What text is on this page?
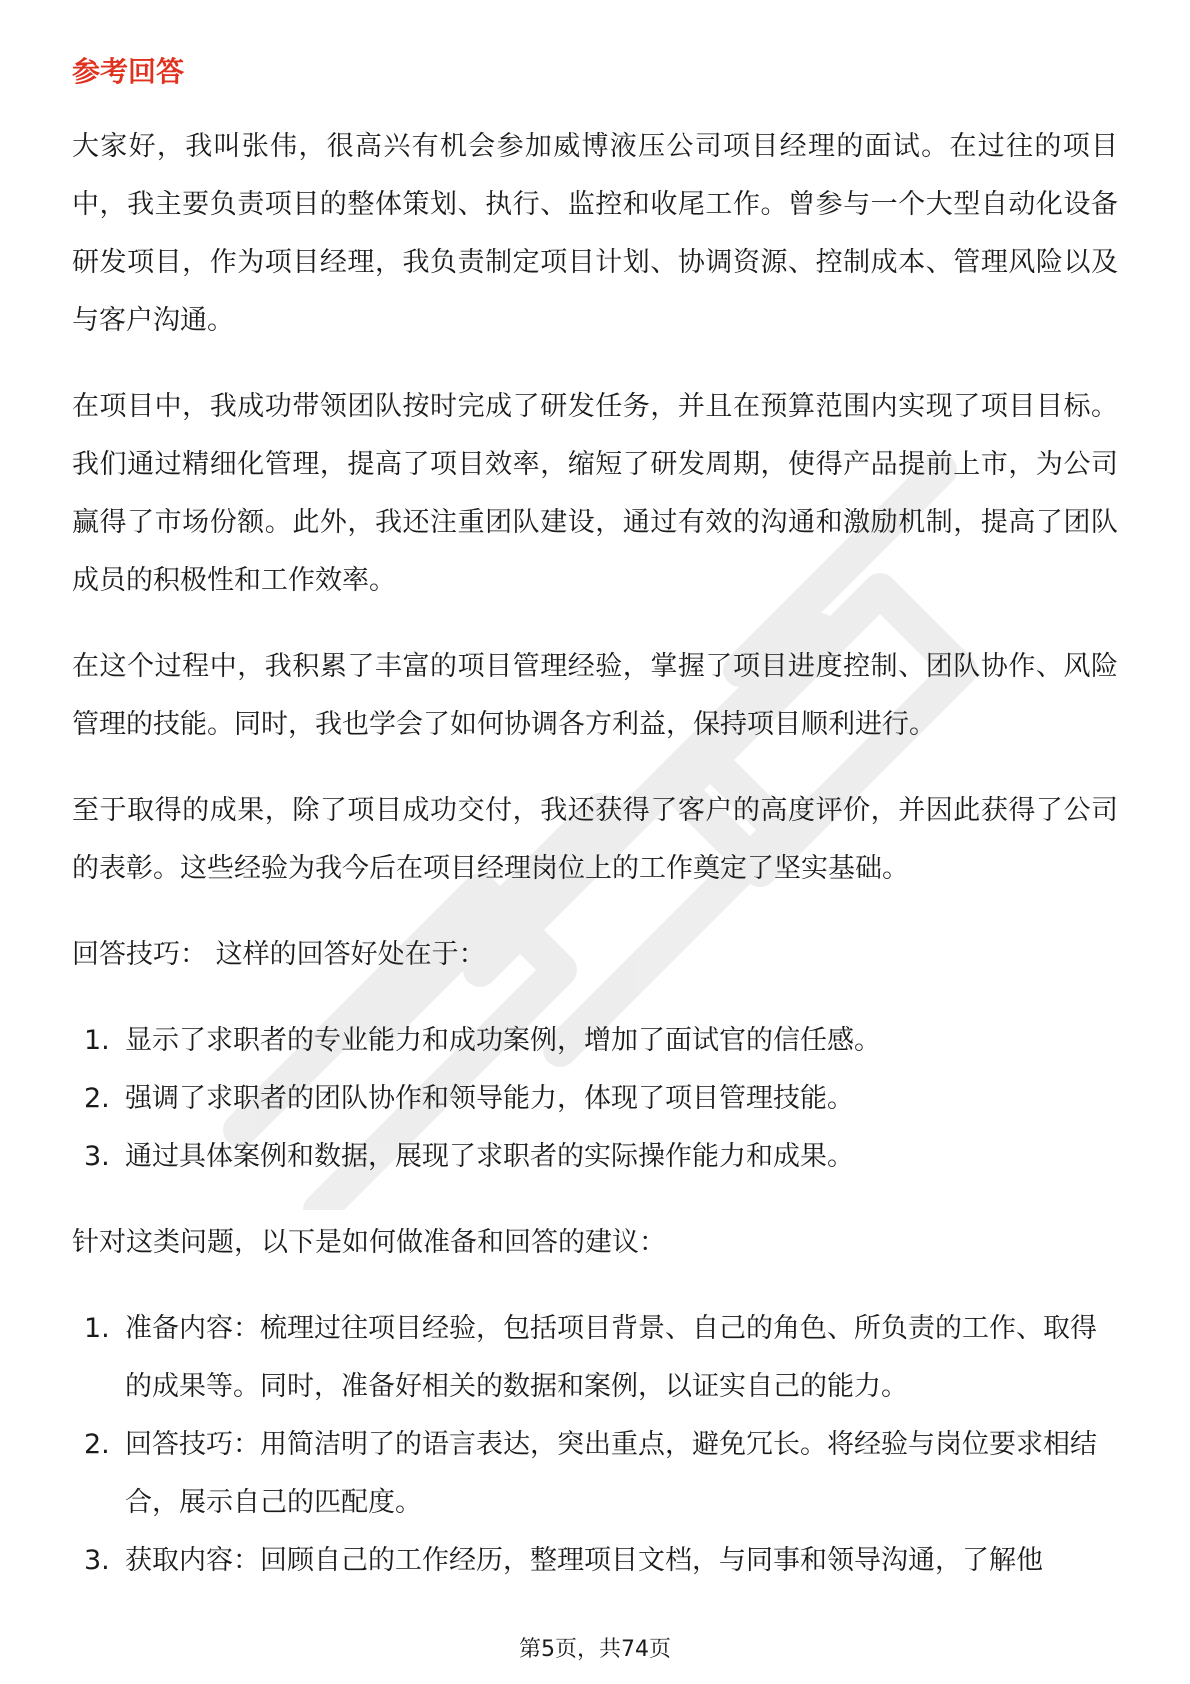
参考回答

大家好，我叫张伟，很高兴有机会参加威博液压公司项目经理的面试。在过往的项目中，我主要负责项目的整体策划、执行、监控和收尾工作。曾参与一个大型自动化设备研发项目，作为项目经理，我负责制定项目计划、协调资源、控制成本、管理风险以及与客户沟通。

在项目中，我成功带领团队按时完成了研发任务，并且在预算范围内实现了项目目标。我们通过精细化管理，提高了项目效率，缩短了研发周期，使得产品提前上市，为公司赢得了市场份额。此外，我还注重团队建设，通过有效的沟通和激励机制，提高了团队成员的积极性和工作效率。

在这个过程中，我积累了丰富的项目管理经验，掌握了项目进度控制、团队协作、风险管理的技能。同时，我也学会了如何协调各方利益，保持项目顺利进行。

至于取得的成果，除了项目成功交付，我还获得了客户的高度评价，并因此获得了公司的表彰。这些经验为我今后在项目经理岗位上的工作奠定了坚实基础。

回答技巧： 这样的回答好处在于：

1. 显示了求职者的专业能力和成功案例，增加了面试官的信任感。
2. 强调了求职者的团队协作和领导能力，体现了项目管理技能。
3. 通过具体案例和数据，展现了求职者的实际操作能力和成果。

针对这类问题，以下是如何做准备和回答的建议：

1. 准备内容：梳理过往项目经验，包括项目背景、自己的角色、所负责的工作、取得的成果等。同时，准备好相关的数据和案例，以证实自己的能力。
2. 回答技巧：用简洁明了的语言表达，突出重点，避免冗长。将经验与岗位要求相结合，展示自己的匹配度。
3. 获取内容：回顾自己的工作经历，整理项目文档，与同事和领导沟通，了解他
第5页，共74页
